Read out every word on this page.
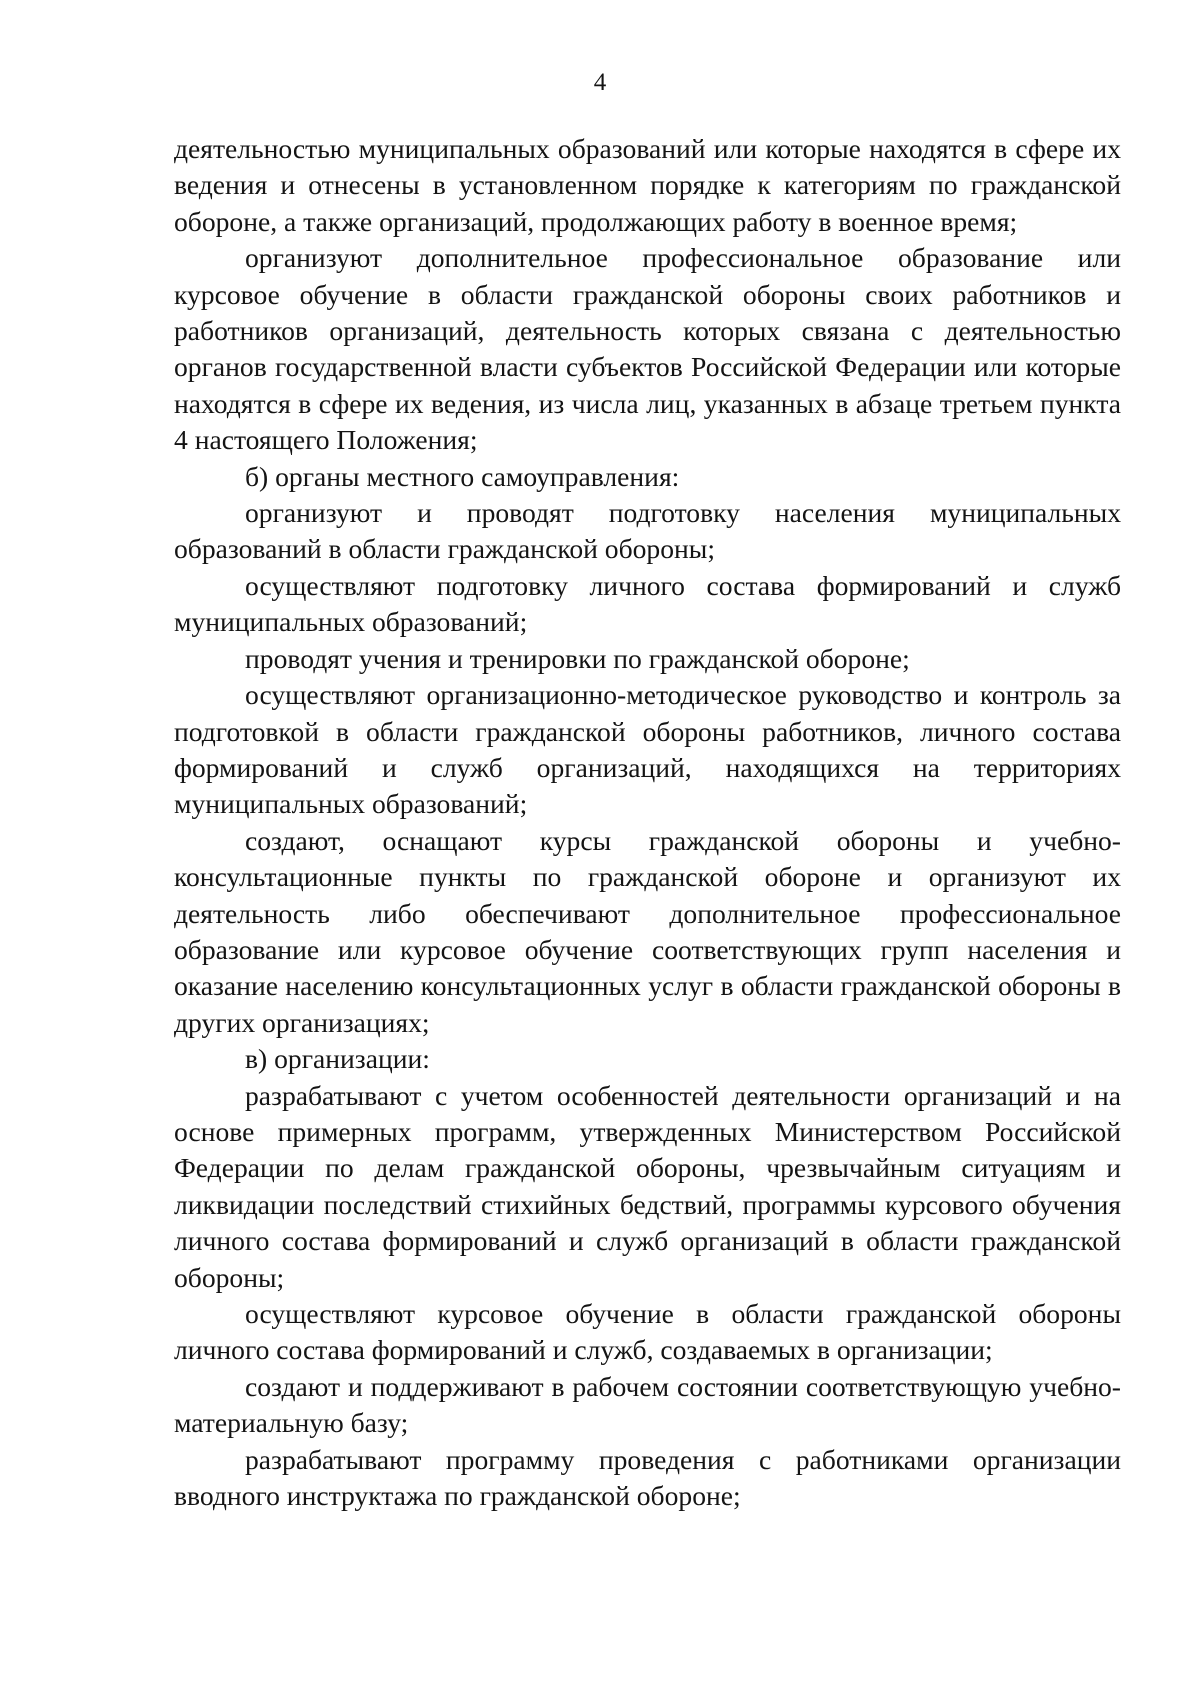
4

деятельностью муниципальных образований или которые находятся в сфере их ведения и отнесены в установленном порядке к категориям по гражданской обороне, а также организаций, продолжающих работу в военное время;

организуют дополнительное профессиональное образование или курсовое обучение в области гражданской обороны своих работников и работников организаций, деятельность которых связана с деятельностью органов государственной власти субъектов Российской Федерации или которые находятся в сфере их ведения, из числа лиц, указанных в абзаце третьем пункта 4 настоящего Положения;

б) органы местного самоуправления:

организуют и проводят подготовку населения муниципальных образований в области гражданской обороны;

осуществляют подготовку личного состава формирований и служб муниципальных образований;

проводят учения и тренировки по гражданской обороне;

осуществляют организационно-методическое руководство и контроль за подготовкой в области гражданской обороны работников, личного состава формирований и служб организаций, находящихся на территориях муниципальных образований;

создают, оснащают курсы гражданской обороны и учебно-консультационные пункты по гражданской обороне и организуют их деятельность либо обеспечивают дополнительное профессиональное образование или курсовое обучение соответствующих групп населения и оказание населению консультационных услуг в области гражданской обороны в других организациях;

в) организации:

разрабатывают с учетом особенностей деятельности организаций и на основе примерных программ, утвержденных Министерством Российской Федерации по делам гражданской обороны, чрезвычайным ситуациям и ликвидации последствий стихийных бедствий, программы курсового обучения личного состава формирований и служб организаций в области гражданской обороны;

осуществляют курсовое обучение в области гражданской обороны личного состава формирований и служб, создаваемых в организации;

создают и поддерживают в рабочем состоянии соответствующую учебно-материальную базу;

разрабатывают программу проведения с работниками организации вводного инструктажа по гражданской обороне;
